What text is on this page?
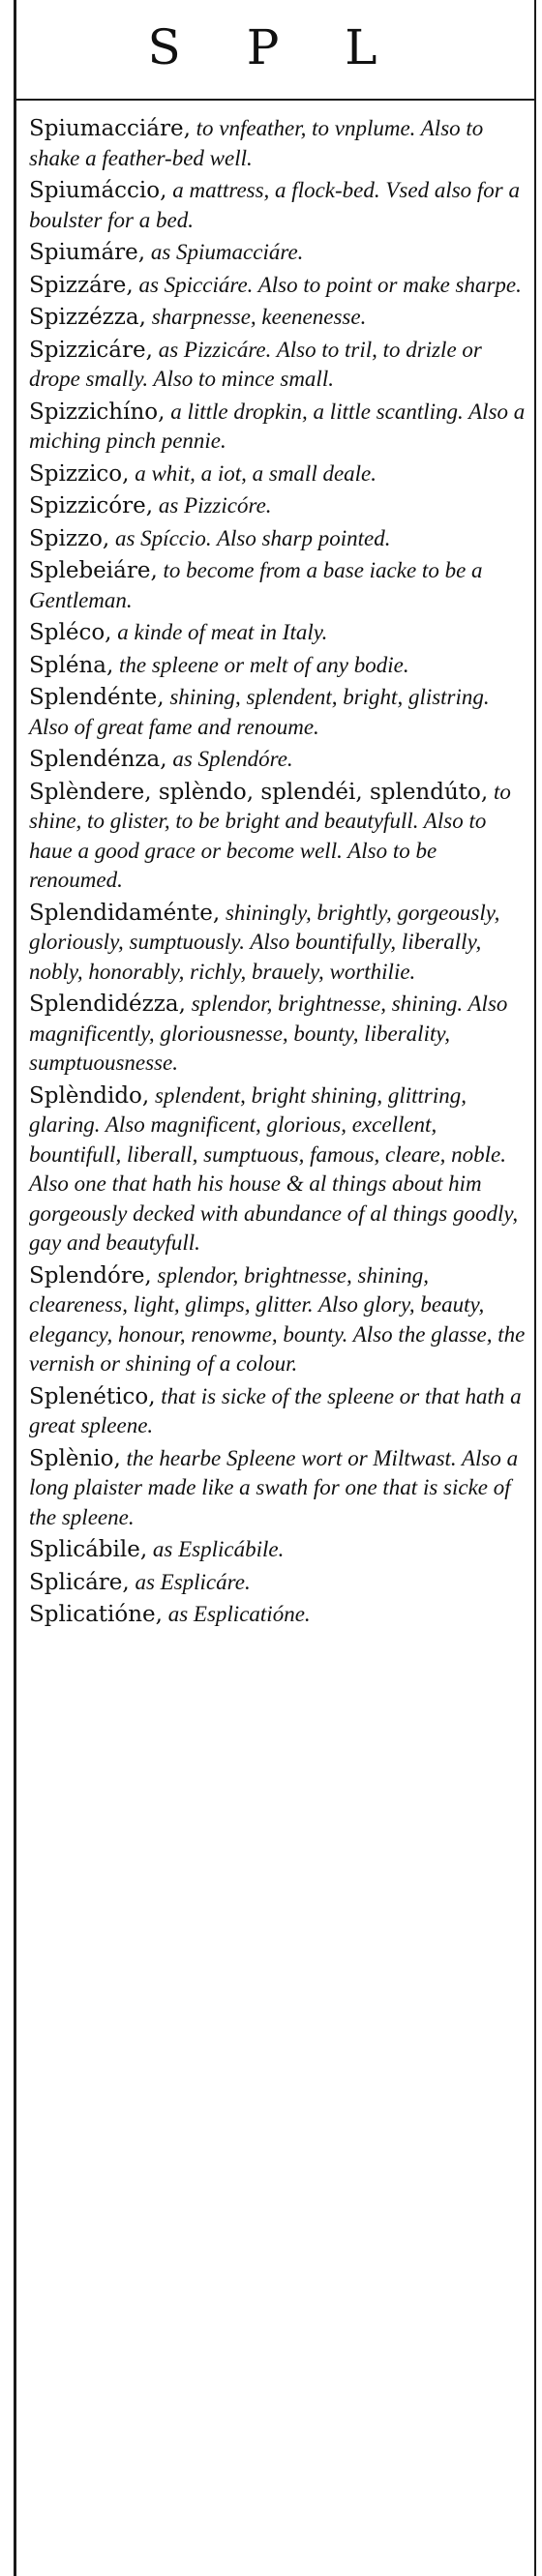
S P L

Spiumacciáre, to vnfeather, to vnplume. Also to shake a feather-bed well.

Spiumáccio, a mattress, a flock-bed. Vsed also for a boulster for a bed.

Spiumáre, as Spiumacciáre.

Spizzáre, as Spicciáre. Also to point or make sharpe.

Spizzézza, sharpnesse, keenenesse.

Spizzicáre, as Pizzicáre. Also to tril, to drizle or drope smally. Also to mince small.

Spizzichíno, a little dropkin, a little scantling. Also a miching pinch pennie.

Spizzico, a whit, a iot, a small deale.

Spizzicóre, as Pizzicóre.

Spizzo, as Spíccio. Also sharp pointed.

Splebeiáre, to become from a base iacke to be a Gentleman.

Spléco, a kinde of meat in Italy.

Spléna, the spleene or melt of any bodie.

Splendénte, shining, splendent, bright, glistring. Also of great fame and renoume.

Splendénza, as Splendóre.

Splèndere, splèndo, splendéi, splendúto, to shine, to glister, to be bright and beautyfull. Also to haue a good grace or become well. Also to be renoumed.

Splendidaménte, shiningly, brightly, gorgeously, gloriously, sumptuously. Also bountifully, liberally, nobly, honorably, richly, brauely, worthilie.

Splendidézza, splendor, brightnesse, shining. Also magnificently, gloriousnesse, bounty, liberality, sumptuousnesse.

Splèndido, splendent, bright shining, glittring, glaring. Also magnificent, glorious, excellent, bountifull, liberall, sumptuous, famous, cleare, noble. Also one that hath his house & al things about him gorgeously decked with abundance of al things goodly, gay and beautyfull.

Splendóre, splendor, brightnesse, shining, cleareness, light, glimps, glitter. Also glory, beauty, elegancy, honour, renowme, bounty. Also the glasse, the vernish or shining of a colour.

Splenético, that is sicke of the spleene or that hath a great spleene.

Splènio, the hearbe Spleene wort or Miltwast. Also a long plaister made like a swath for one that is sicke of the spleene.

Splicábile, as Esplicábile.

Splicáre, as Esplicáre.

Splicatióne, as Esplicatióne.
